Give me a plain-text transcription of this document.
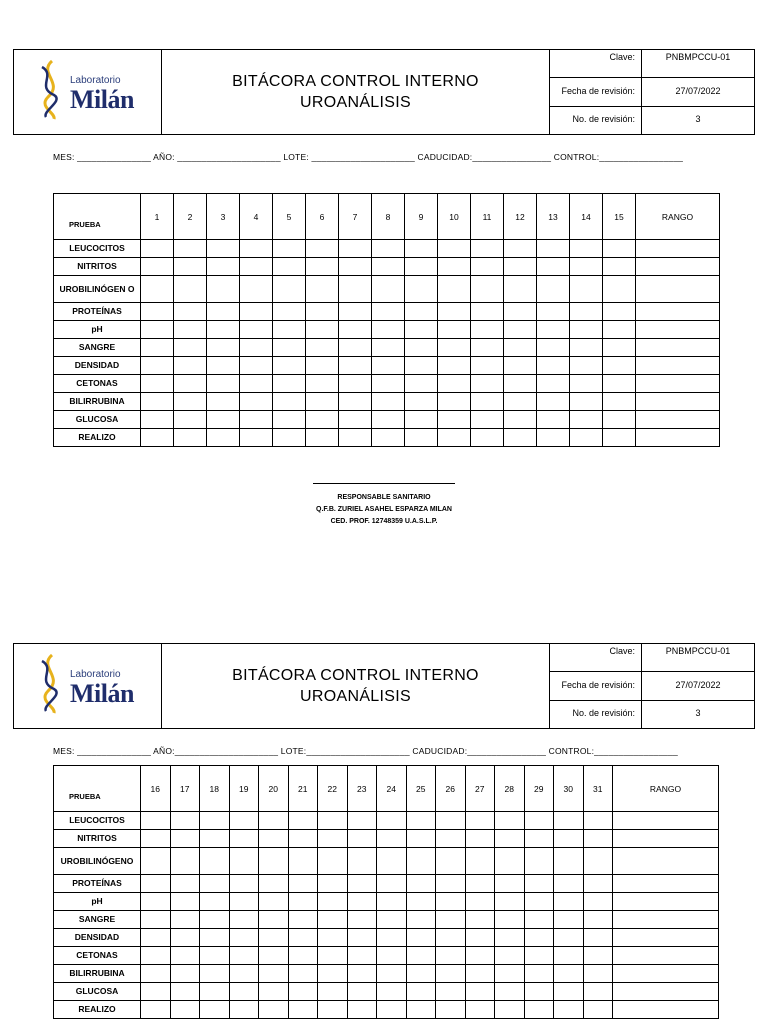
Laboratorio
Milán
BITÁCORA CONTROL INTERNO
UROANÁLISIS
Clave:	PNBMPCCU-01
Fecha de revisión:	27/07/2022
No. de revisión:	3
MES: _______________ AÑO: _____________________ LOTE: _____________________ CADUCIDAD:________________ CONTROL:_________________
PRUEBA	1	2	3	4	5	6	7	8	9	10	11	12	13	14	15	RANGO
LEUCOCITOS																
NITRITOS																
UROBILINÓGEN O																
PROTEÍNAS																
pH																
SANGRE																
DENSIDAD																
CETONAS																
BILIRRUBINA																
GLUCOSA																
REALIZO																
RESPONSABLE SANITARIO
Q.F.B. ZURIEL ASAHEL ESPARZA MILAN
CED. PROF. 12748359 U.A.S.L.P.
Laboratorio
Milán
BITÁCORA CONTROL INTERNO
UROANÁLISIS
Clave:	PNBMPCCU-01
Fecha de revisión:	27/07/2022
No. de revisión:	3
MES: _______________ AÑO:_____________________ LOTE:_____________________ CADUCIDAD:________________ CONTROL:_________________
PRUEBA	16	17	18	19	20	21	22	23	24	25	26	27	28	29	30	31	RANGO
LEUCOCITOS																	
NITRITOS																	
UROBILINÓGENO																	
PROTEÍNAS																	
pH																	
SANGRE																	
DENSIDAD																	
CETONAS																	
BILIRRUBINA																	
GLUCOSA																	
REALIZO																	
